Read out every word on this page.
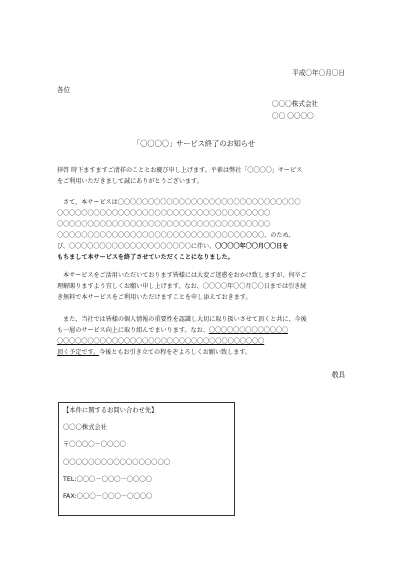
平成〇年〇月〇日
各位
〇〇〇株式会社
〇〇 〇〇〇〇
「〇〇〇〇」サービス終了のお知らせ
拝啓 時下ますますご清祥のこととお慶び申し上げます。平素は弊社「〇〇〇〇」サービス
をご利用いただきまして誠にありがとうございます。
さて、本サービスは〇〇〇〇〇〇〇〇〇〇〇〇〇〇〇〇〇〇〇〇〇〇〇〇〇〇〇〇〇〇
〇〇〇〇〇〇〇〇〇〇〇〇〇〇〇〇〇〇〇〇〇〇〇〇〇〇〇〇〇〇〇〇〇〇〇
〇〇〇〇〇〇〇〇〇〇〇〇〇〇〇〇〇〇〇〇〇〇〇〇〇〇〇〇〇〇〇〇〇〇〇
〇〇〇〇〇〇〇〇〇〇〇〇〇〇〇〇〇〇〇〇〇〇〇〇〇〇〇〇〇〇〇〇〇〇、のため、
び、〇〇〇〇〇〇〇〇〇〇〇〇〇〇〇〇〇〇〇〇に伴い、〇〇〇〇年〇〇月〇〇日を
もちまして本サービスを終了させていただくことになりました。
本サービスをご活用いただいております皆様には大変ご迷惑をおかけ致しますが、何卒ご
理解賜りますよう宜しくお願い申し上げます。なお、〇〇〇〇年〇〇月〇〇日までは引き続
き無料で本サービスをご利用いただけますことを申し添えておきます。
また、当社では皆様の個人情報の重要性を認識し大切に取り扱いさせて頂くと共に、今後
も一層のサービス向上に取り組んでまいります。なお、〇〇〇〇〇〇〇〇〇〇〇〇〇
〇〇〇〇〇〇〇〇〇〇〇〇〇〇〇〇〇〇〇〇〇〇〇〇〇〇〇〇〇〇〇〇〇〇
頂く予定です。今後ともお引き立ての程をぞよろしくお願い致します。
敬具
【本件に関するお問い合わせ先】
〇〇〇株式会社
〒〇〇〇〇－〇〇〇〇
〇〇〇〇〇〇〇〇〇〇〇〇〇〇〇〇〇
TEL:〇〇〇－〇〇〇－〇〇〇〇
FAX:〇〇〇－〇〇〇－〇〇〇〇
